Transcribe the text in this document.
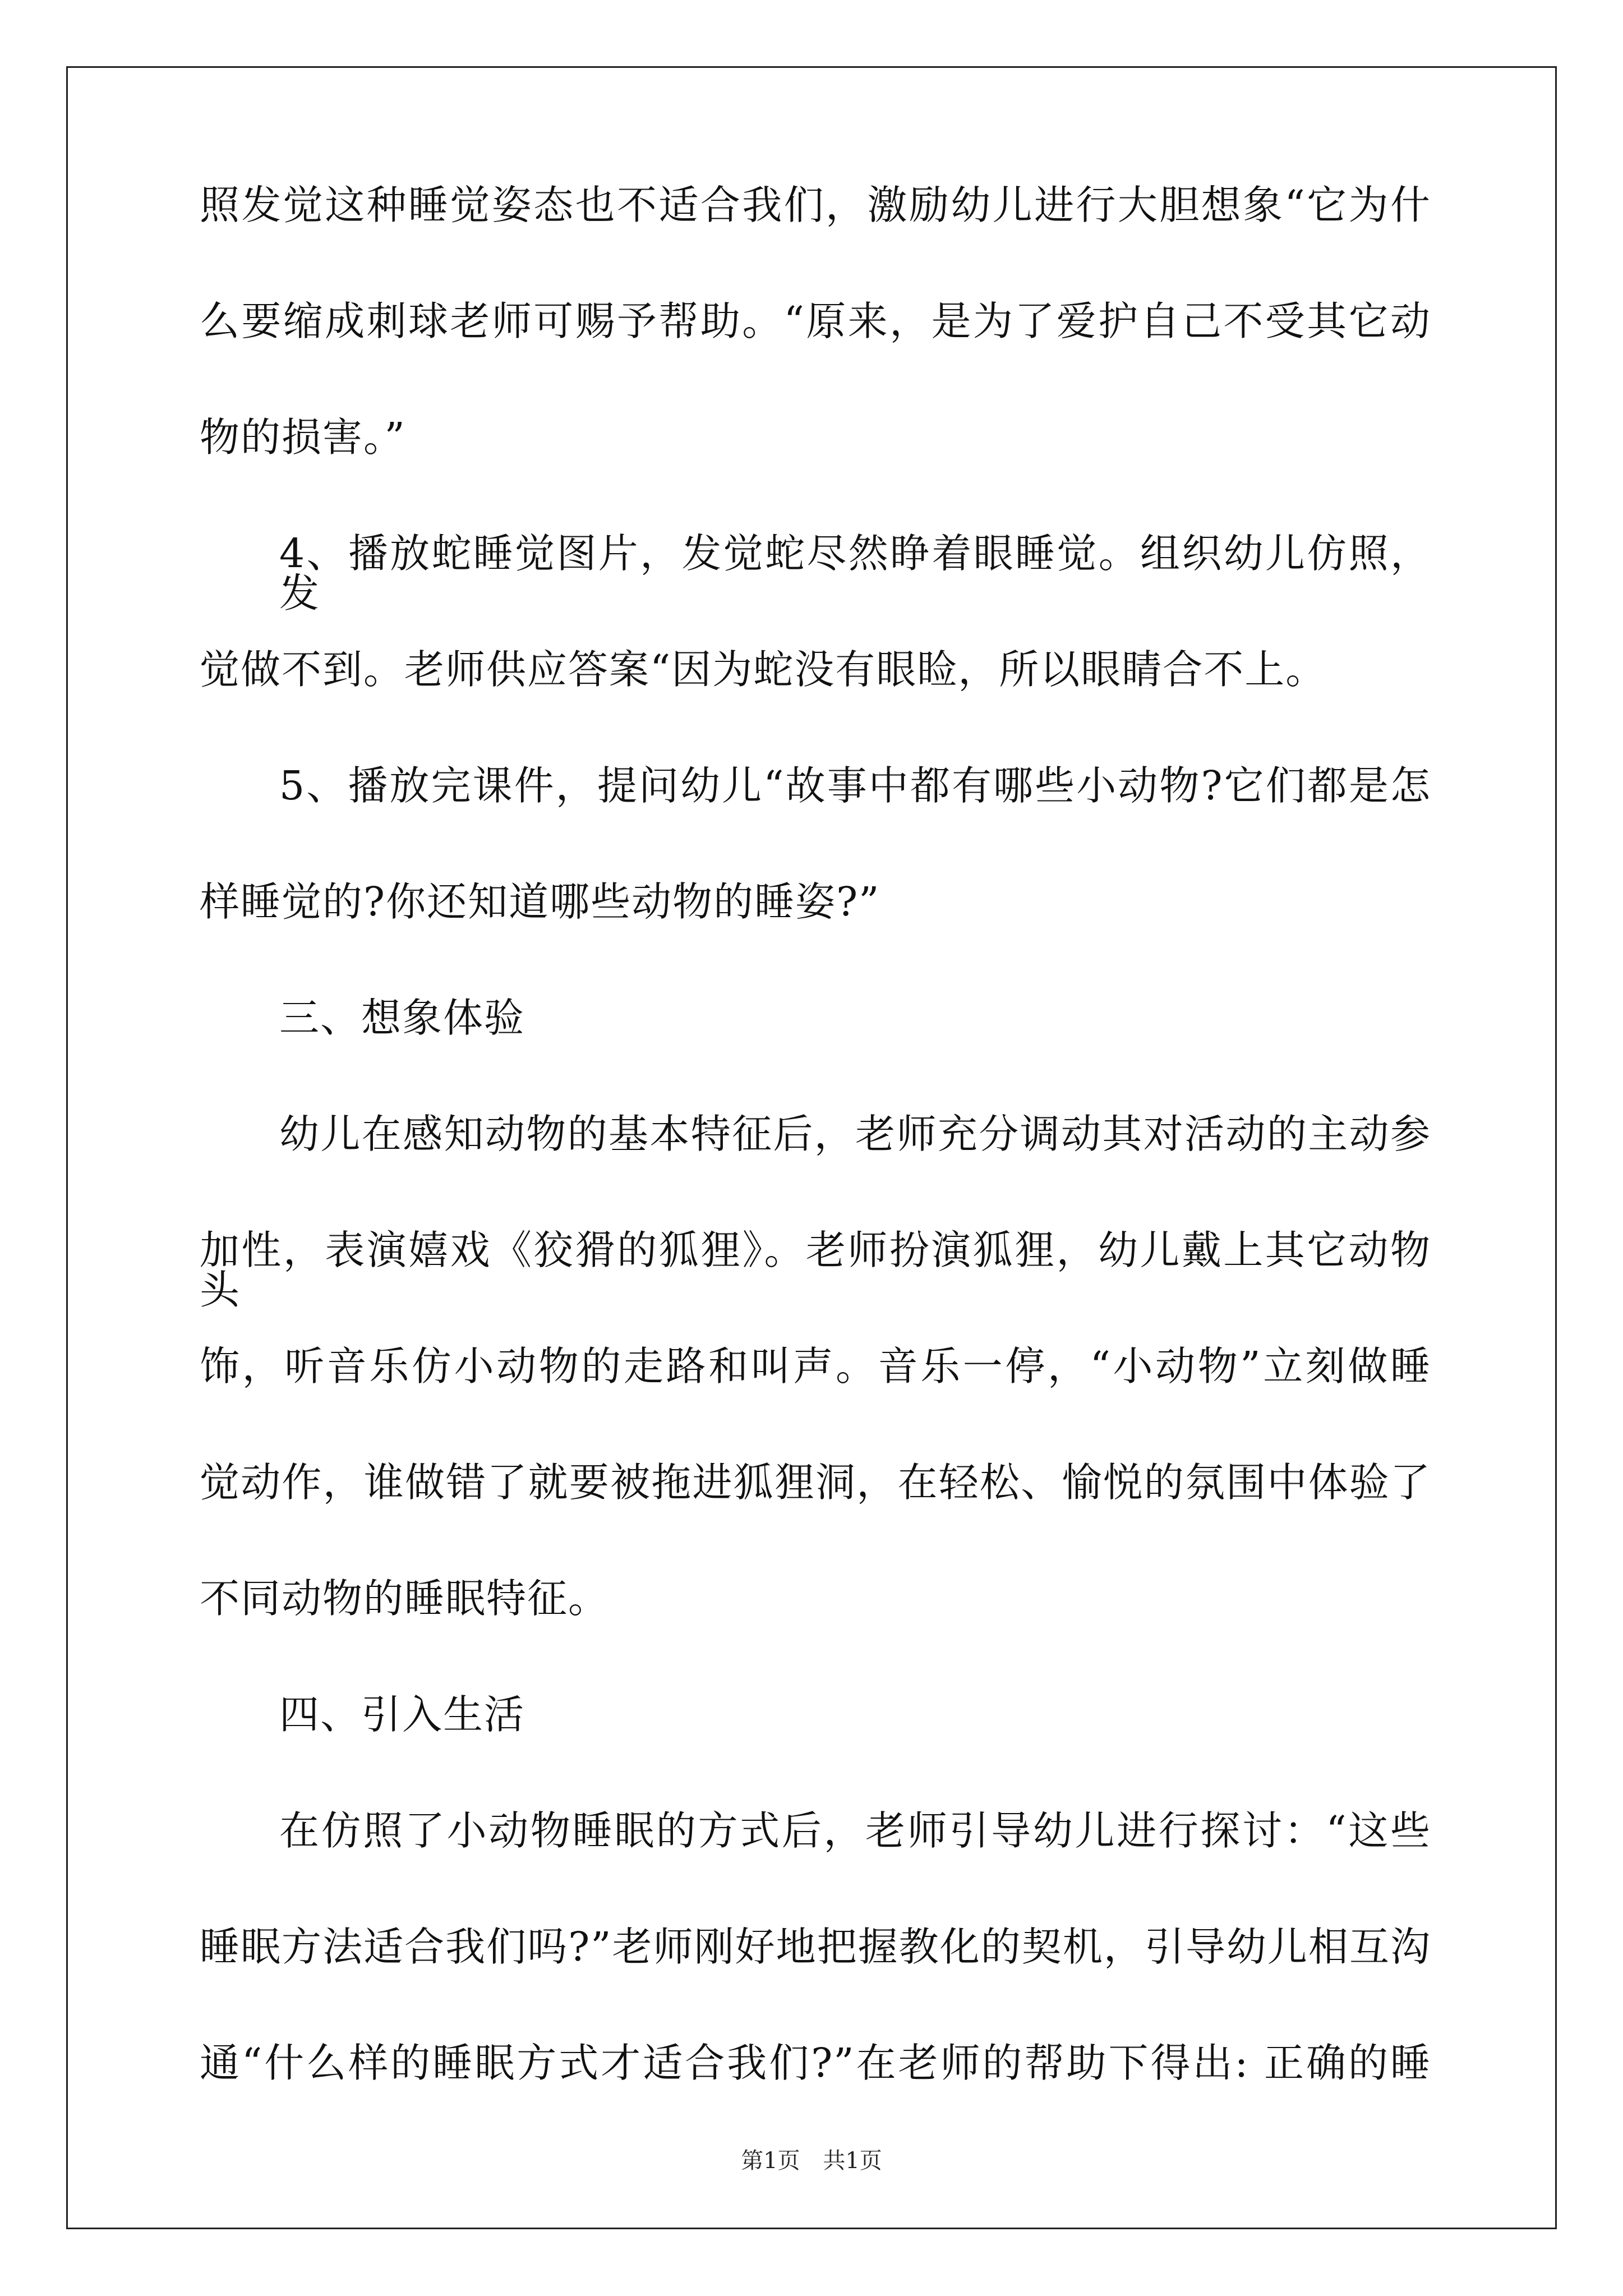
照发觉这种睡觉姿态也不适合我们，激励幼儿进行大胆想象“它为什
么要缩成刺球老师可赐予帮助。“原来，是为了爱护自己不受其它动
物的损害。”
4、播放蛇睡觉图片，发觉蛇尽然睁着眼睡觉。组织幼儿仿照，发
觉做不到。老师供应答案“因为蛇没有眼睑，所以眼睛合不上。
5、播放完课件，提问幼儿“故事中都有哪些小动物?它们都是怎
样睡觉的?你还知道哪些动物的睡姿?”
三、想象体验
幼儿在感知动物的基本特征后，老师充分调动其对活动的主动参
加性，表演嬉戏《狡猾的狐狸》。老师扮演狐狸，幼儿戴上其它动物头
饰，听音乐仿小动物的走路和叫声。音乐一停，“小动物”立刻做睡
觉动作，谁做错了就要被拖进狐狸洞，在轻松、愉悦的氛围中体验了
不同动物的睡眠特征。
四、引入生活
在仿照了小动物睡眠的方式后，老师引导幼儿进行探讨：“这些
睡眠方法适合我们吗?”老师刚好地把握教化的契机，引导幼儿相互沟
通“什么样的睡眠方式才适合我们?”在老师的帮助下得出: 正确的睡
第1页 共1页
